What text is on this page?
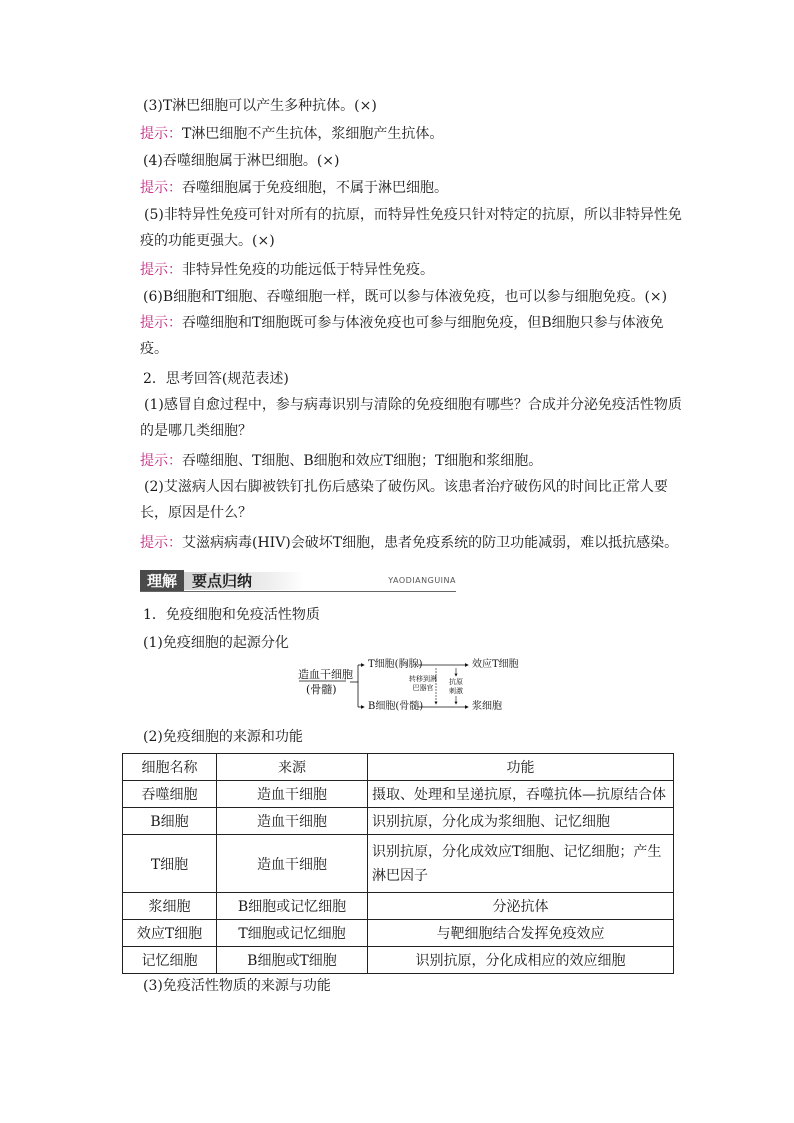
(3)T淋巴细胞可以产生多种抗体。(×)
提示：T淋巴细胞不产生抗体，浆细胞产生抗体。
(4)吞噬细胞属于淋巴细胞。(×)
提示：吞噬细胞属于免疫细胞，不属于淋巴细胞。
(5)非特异性免疫可针对所有的抗原，而特异性免疫只针对特定的抗原，所以非特异性免疫的功能更强大。(×)
提示：非特异性免疫的功能远低于特异性免疫。
(6)B细胞和T细胞、吞噬细胞一样，既可以参与体液免疫，也可以参与细胞免疫。(×)
提示：吞噬细胞和T细胞既可参与体液免疫也可参与细胞免疫，但B细胞只参与体液免疫。
2．思考回答(规范表述)
(1)感冒自愈过程中，参与病毒识别与清除的免疫细胞有哪些？合成并分泌免疫活性物质的是哪几类细胞？
提示：吞噬细胞、T细胞、B细胞和效应T细胞；T细胞和浆细胞。
(2)艾滋病人因右脚被铁钉扎伤后感染了破伤风。该患者治疗破伤风的时间比正常人要长，原因是什么？
提示：艾滋病病毒(HIV)会破坏T细胞，患者免疫系统的防卫功能减弱，难以抵抗感染。
理解	要点归纳	YAODIANGUINA
1．免疫细胞和免疫活性物质
(1)免疫细胞的起源分化
造血干细胞
(骨髓)
T细胞(胸腺)
B细胞(骨髓)
效应T细胞
浆细胞
转移到淋巴器官
抗原刺激
(2)免疫细胞的来源和功能
细胞名称	来源	功能
吞噬细胞	造血干细胞	摄取、处理和呈递抗原，吞噬抗体—抗原结合体
B细胞	造血干细胞	识别抗原，分化成为浆细胞、记忆细胞
T细胞	造血干细胞	识别抗原，分化成效应T细胞、记忆细胞；产生淋巴因子
浆细胞	B细胞或记忆细胞	分泌抗体
效应T细胞	T细胞或记忆细胞	与靶细胞结合发挥免疫效应
记忆细胞	B细胞或T细胞	识别抗原，分化成相应的效应细胞
(3)免疫活性物质的来源与功能
